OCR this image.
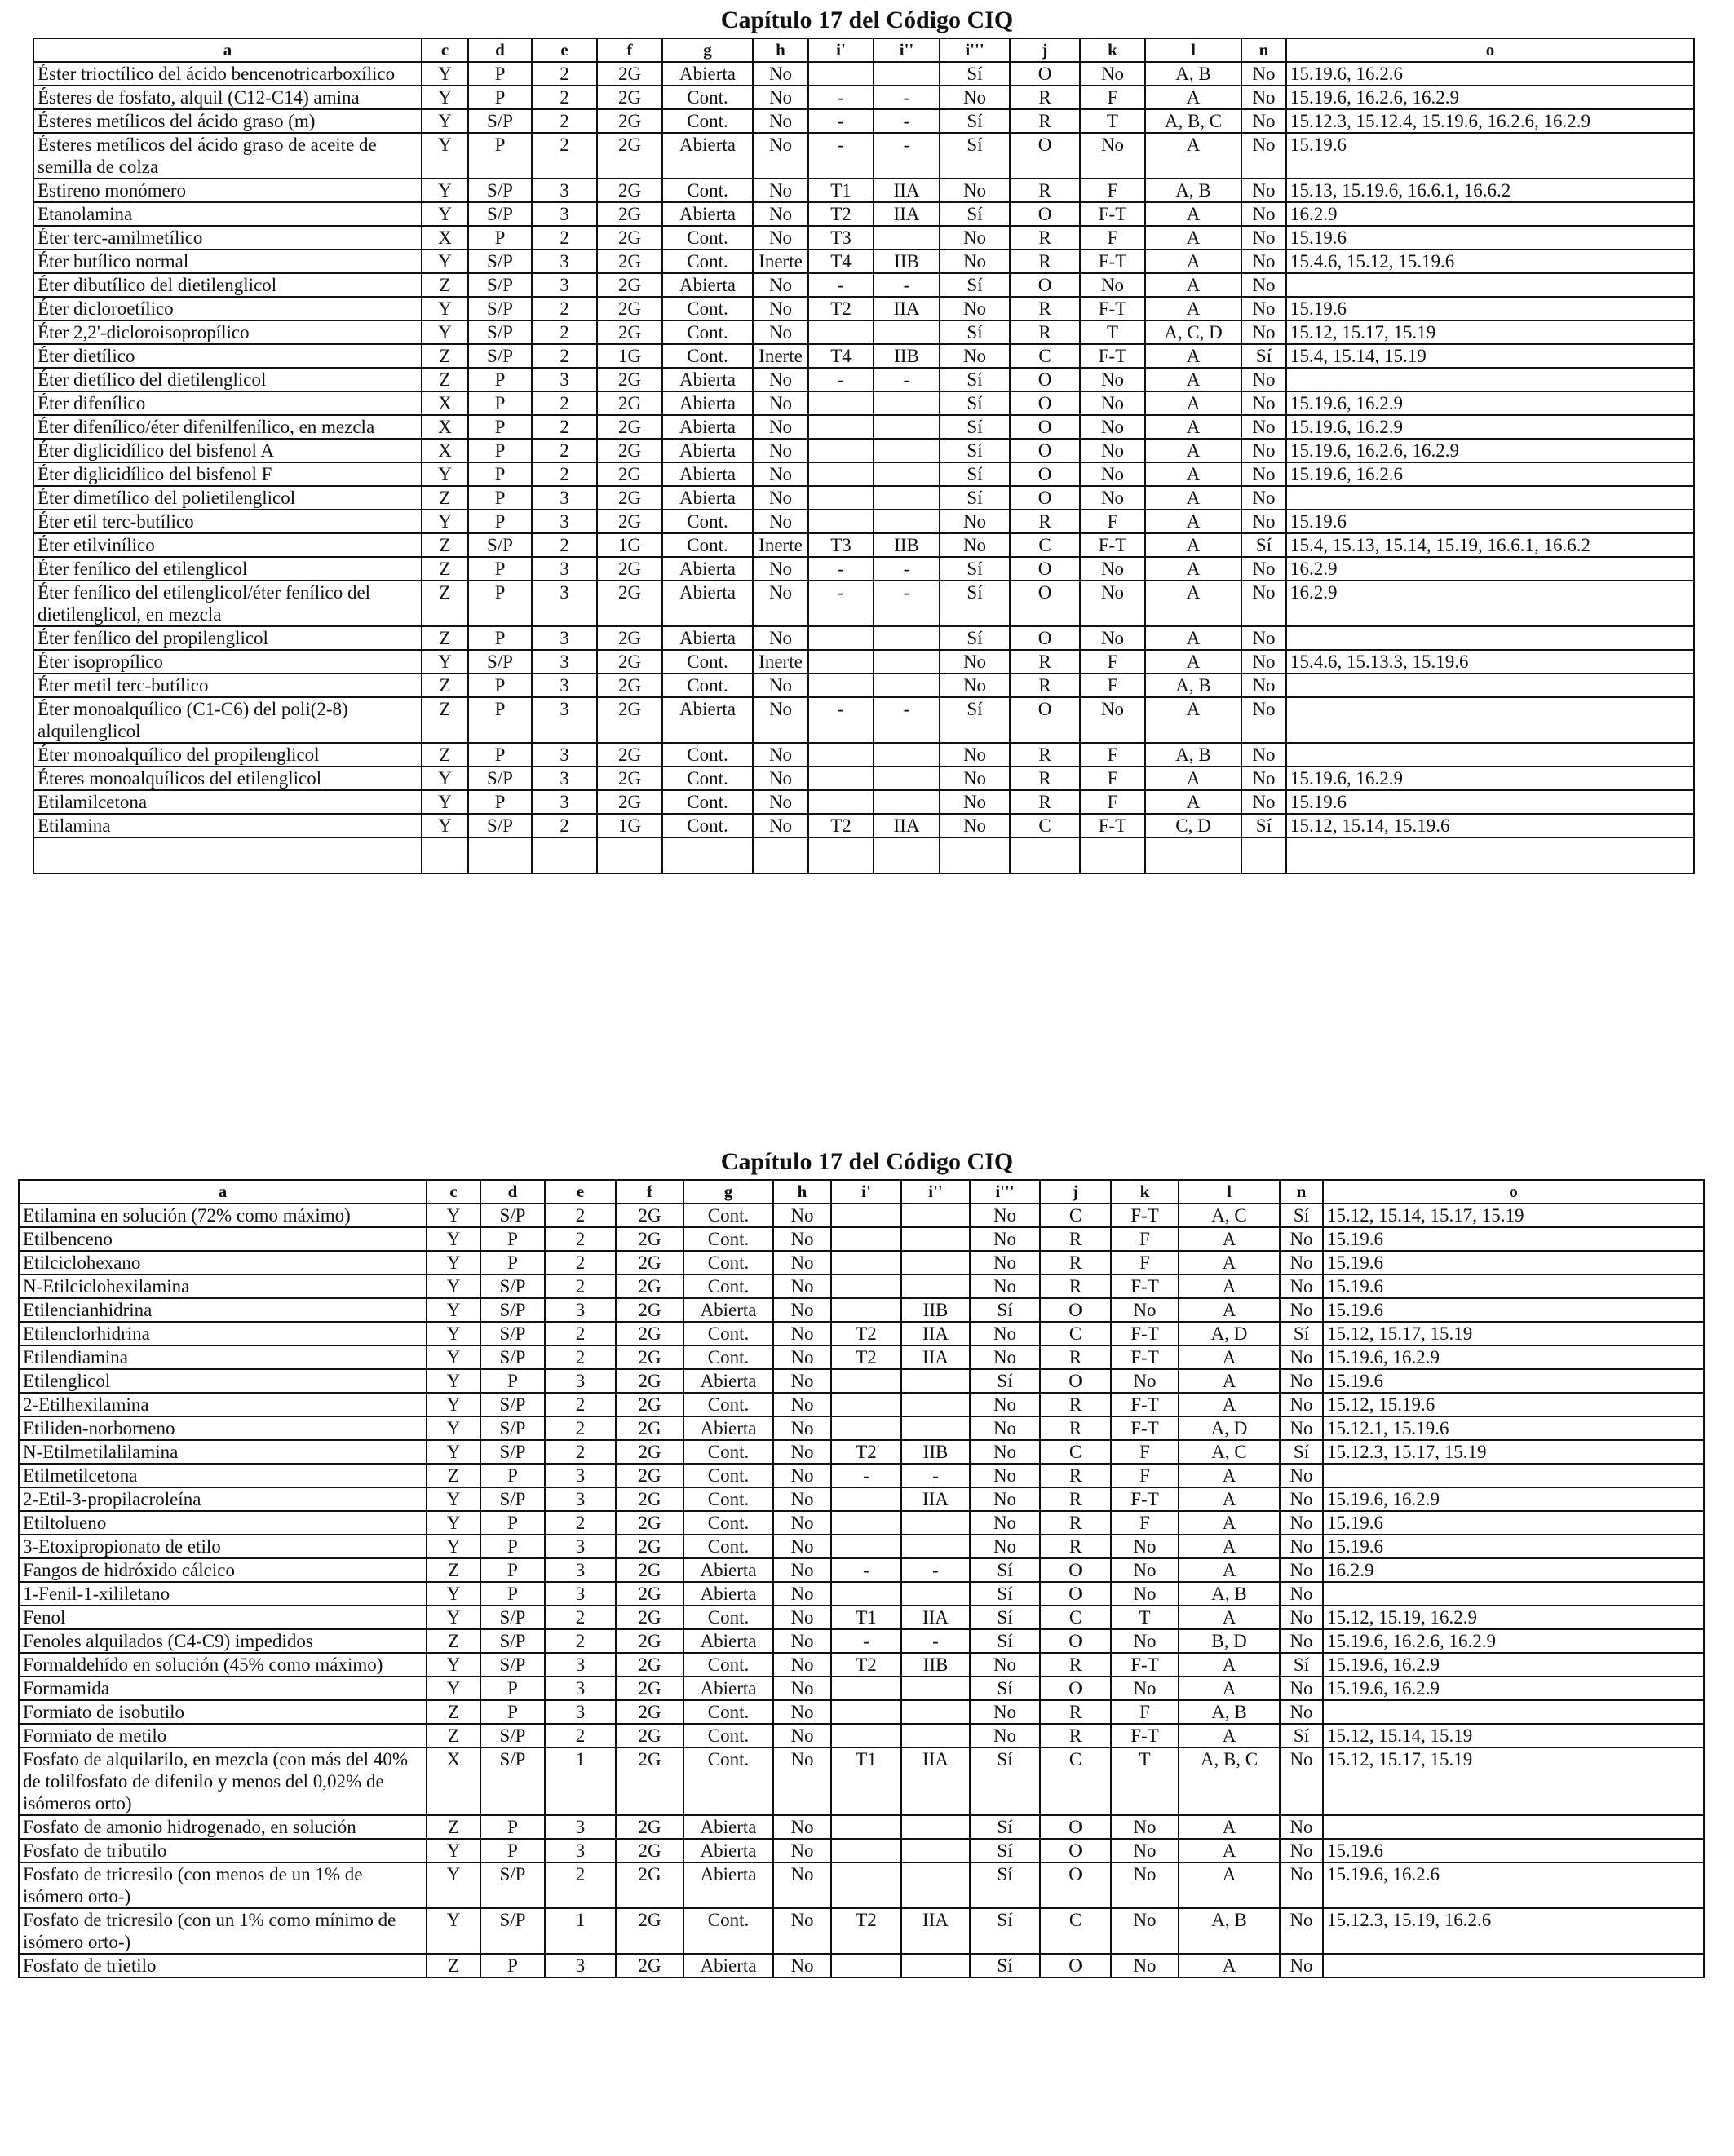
Capítulo 17 del Código CIQ
a	c	d	e	f	g	h	i'	i''	i'''	j	k	l	n	o
Éster trioctílico del ácido bencenotricarboxílico	Y	P	2	2G	Abierta	No			Sí	O	No	A, B	No	15.19.6, 16.2.6
Ésteres de fosfato, alquil (C12-C14) amina	Y	P	2	2G	Cont.	No	-	-	No	R	F	A	No	15.19.6, 16.2.6, 16.2.9
Ésteres metílicos del ácido graso (m)	Y	S/P	2	2G	Cont.	No	-	-	Sí	R	T	A, B, C	No	15.12.3, 15.12.4, 15.19.6, 16.2.6, 16.2.9
Ésteres metílicos del ácido graso de aceite de semilla de colza	Y	P	2	2G	Abierta	No	-	-	Sí	O	No	A	No	15.19.6
Estireno monómero	Y	S/P	3	2G	Cont.	No	T1	IIA	No	R	F	A, B	No	15.13, 15.19.6, 16.6.1, 16.6.2
Etanolamina	Y	S/P	3	2G	Abierta	No	T2	IIA	Sí	O	F-T	A	No	16.2.9
Éter terc-amilmetílico	X	P	2	2G	Cont.	No	T3		No	R	F	A	No	15.19.6
Éter butílico normal	Y	S/P	3	2G	Cont.	Inerte	T4	IIB	No	R	F-T	A	No	15.4.6, 15.12, 15.19.6
Éter dibutílico del dietilenglicol	Z	S/P	3	2G	Abierta	No	-	-	Sí	O	No	A	No	
Éter dicloroetílico	Y	S/P	2	2G	Cont.	No	T2	IIA	No	R	F-T	A	No	15.19.6
Éter 2,2'-dicloroisopropílico	Y	S/P	2	2G	Cont.	No			Sí	R	T	A, C, D	No	15.12, 15.17, 15.19
Éter dietílico	Z	S/P	2	1G	Cont.	Inerte	T4	IIB	No	C	F-T	A	Sí	15.4, 15.14, 15.19
Éter dietílico del dietilenglicol	Z	P	3	2G	Abierta	No	-	-	Sí	O	No	A	No	
Éter difenílico	X	P	2	2G	Abierta	No			Sí	O	No	A	No	15.19.6, 16.2.9
Éter difenílico/éter difenilfenílico, en mezcla	X	P	2	2G	Abierta	No			Sí	O	No	A	No	15.19.6, 16.2.9
Éter diglicidílico del bisfenol A	X	P	2	2G	Abierta	No			Sí	O	No	A	No	15.19.6, 16.2.6, 16.2.9
Éter diglicidílico del bisfenol F	Y	P	2	2G	Abierta	No			Sí	O	No	A	No	15.19.6, 16.2.6
Éter dimetílico del polietilenglicol	Z	P	3	2G	Abierta	No			Sí	O	No	A	No	
Éter etil terc-butílico	Y	P	3	2G	Cont.	No			No	R	F	A	No	15.19.6
Éter etilvinílico	Z	S/P	2	1G	Cont.	Inerte	T3	IIB	No	C	F-T	A	Sí	15.4, 15.13, 15.14, 15.19, 16.6.1, 16.6.2
Éter fenílico del etilenglicol	Z	P	3	2G	Abierta	No	-	-	Sí	O	No	A	No	16.2.9
Éter fenílico del etilenglicol/éter fenílico del dietilenglicol, en mezcla	Z	P	3	2G	Abierta	No	-	-	Sí	O	No	A	No	16.2.9
Éter fenílico del propilenglicol	Z	P	3	2G	Abierta	No			Sí	O	No	A	No	
Éter isopropílico	Y	S/P	3	2G	Cont.	Inerte			No	R	F	A	No	15.4.6, 15.13.3, 15.19.6
Éter metil terc-butílico	Z	P	3	2G	Cont.	No			No	R	F	A, B	No	
Éter monoalquílico (C1-C6) del poli(2-8) alquilenglicol	Z	P	3	2G	Abierta	No	-	-	Sí	O	No	A	No	
Éter monoalquílico del propilenglicol	Z	P	3	2G	Cont.	No			No	R	F	A, B	No	
Éteres monoalquílicos del etilenglicol	Y	S/P	3	2G	Cont.	No			No	R	F	A	No	15.19.6, 16.2.9
Etilamilcetona	Y	P	3	2G	Cont.	No			No	R	F	A	No	15.19.6
Etilamina	Y	S/P	2	1G	Cont.	No	T2	IIA	No	C	F-T	C, D	Sí	15.12, 15.14, 15.19.6

Capítulo 17 del Código CIQ
a	c	d	e	f	g	h	i'	i''	i'''	j	k	l	n	o
Etilamina en solución (72% como máximo)	Y	S/P	2	2G	Cont.	No			No	C	F-T	A, C	Sí	15.12, 15.14, 15.17, 15.19
Etilbenceno	Y	P	2	2G	Cont.	No			No	R	F	A	No	15.19.6
Etilciclohexano	Y	P	2	2G	Cont.	No			No	R	F	A	No	15.19.6
N-Etilciclohexilamina	Y	S/P	2	2G	Cont.	No			No	R	F-T	A	No	15.19.6
Etilencianhidrina	Y	S/P	3	2G	Abierta	No		IIB	Sí	O	No	A	No	15.19.6
Etilenclorhidrina	Y	S/P	2	2G	Cont.	No	T2	IIA	No	C	F-T	A, D	Sí	15.12, 15.17, 15.19
Etilendiamina	Y	S/P	2	2G	Cont.	No	T2	IIA	No	R	F-T	A	No	15.19.6, 16.2.9
Etilenglicol	Y	P	3	2G	Abierta	No			Sí	O	No	A	No	15.19.6
2-Etilhexilamina	Y	S/P	2	2G	Cont.	No			No	R	F-T	A	No	15.12, 15.19.6
Etiliden-norborneno	Y	S/P	2	2G	Abierta	No			No	R	F-T	A, D	No	15.12.1, 15.19.6
N-Etilmetilalilamina	Y	S/P	2	2G	Cont.	No	T2	IIB	No	C	F	A, C	Sí	15.12.3, 15.17, 15.19
Etilmetilcetona	Z	P	3	2G	Cont.	No	-	-	No	R	F	A	No	
2-Etil-3-propilacroleína	Y	S/P	3	2G	Cont.	No		IIA	No	R	F-T	A	No	15.19.6, 16.2.9
Etiltolueno	Y	P	2	2G	Cont.	No			No	R	F	A	No	15.19.6
3-Etoxipropionato de etilo	Y	P	3	2G	Cont.	No			No	R	No	A	No	15.19.6
Fangos de hidróxido cálcico	Z	P	3	2G	Abierta	No	-	-	Sí	O	No	A	No	16.2.9
1-Fenil-1-xililetano	Y	P	3	2G	Abierta	No			Sí	O	No	A, B	No	
Fenol	Y	S/P	2	2G	Cont.	No	T1	IIA	Sí	C	T	A	No	15.12, 15.19, 16.2.9
Fenoles alquilados (C4-C9) impedidos	Z	S/P	2	2G	Abierta	No	-	-	Sí	O	No	B, D	No	15.19.6, 16.2.6, 16.2.9
Formaldehído en solución (45% como máximo)	Y	S/P	3	2G	Cont.	No	T2	IIB	No	R	F-T	A	Sí	15.19.6, 16.2.9
Formamida	Y	P	3	2G	Abierta	No			Sí	O	No	A	No	15.19.6, 16.2.9
Formiato de isobutilo	Z	P	3	2G	Cont.	No			No	R	F	A, B	No	
Formiato de metilo	Z	S/P	2	2G	Cont.	No			No	R	F-T	A	Sí	15.12, 15.14, 15.19
Fosfato de alquilarilo, en mezcla (con más del 40% de tolilfosfato de difenilo y menos del 0,02% de isómeros orto)	X	S/P	1	2G	Cont.	No	T1	IIA	Sí	C	T	A, B, C	No	15.12, 15.17, 15.19
Fosfato de amonio hidrogenado, en solución	Z	P	3	2G	Abierta	No			Sí	O	No	A	No	
Fosfato de tributilo	Y	P	3	2G	Abierta	No			Sí	O	No	A	No	15.19.6
Fosfato de tricresilo (con menos de un 1% de isómero orto-)	Y	S/P	2	2G	Abierta	No			Sí	O	No	A	No	15.19.6, 16.2.6
Fosfato de tricresilo (con un 1% como mínimo de isómero orto-)	Y	S/P	1	2G	Cont.	No	T2	IIA	Sí	C	No	A, B	No	15.12.3, 15.19, 16.2.6
Fosfato de trietilo	Z	P	3	2G	Abierta	No			Sí	O	No	A	No	
